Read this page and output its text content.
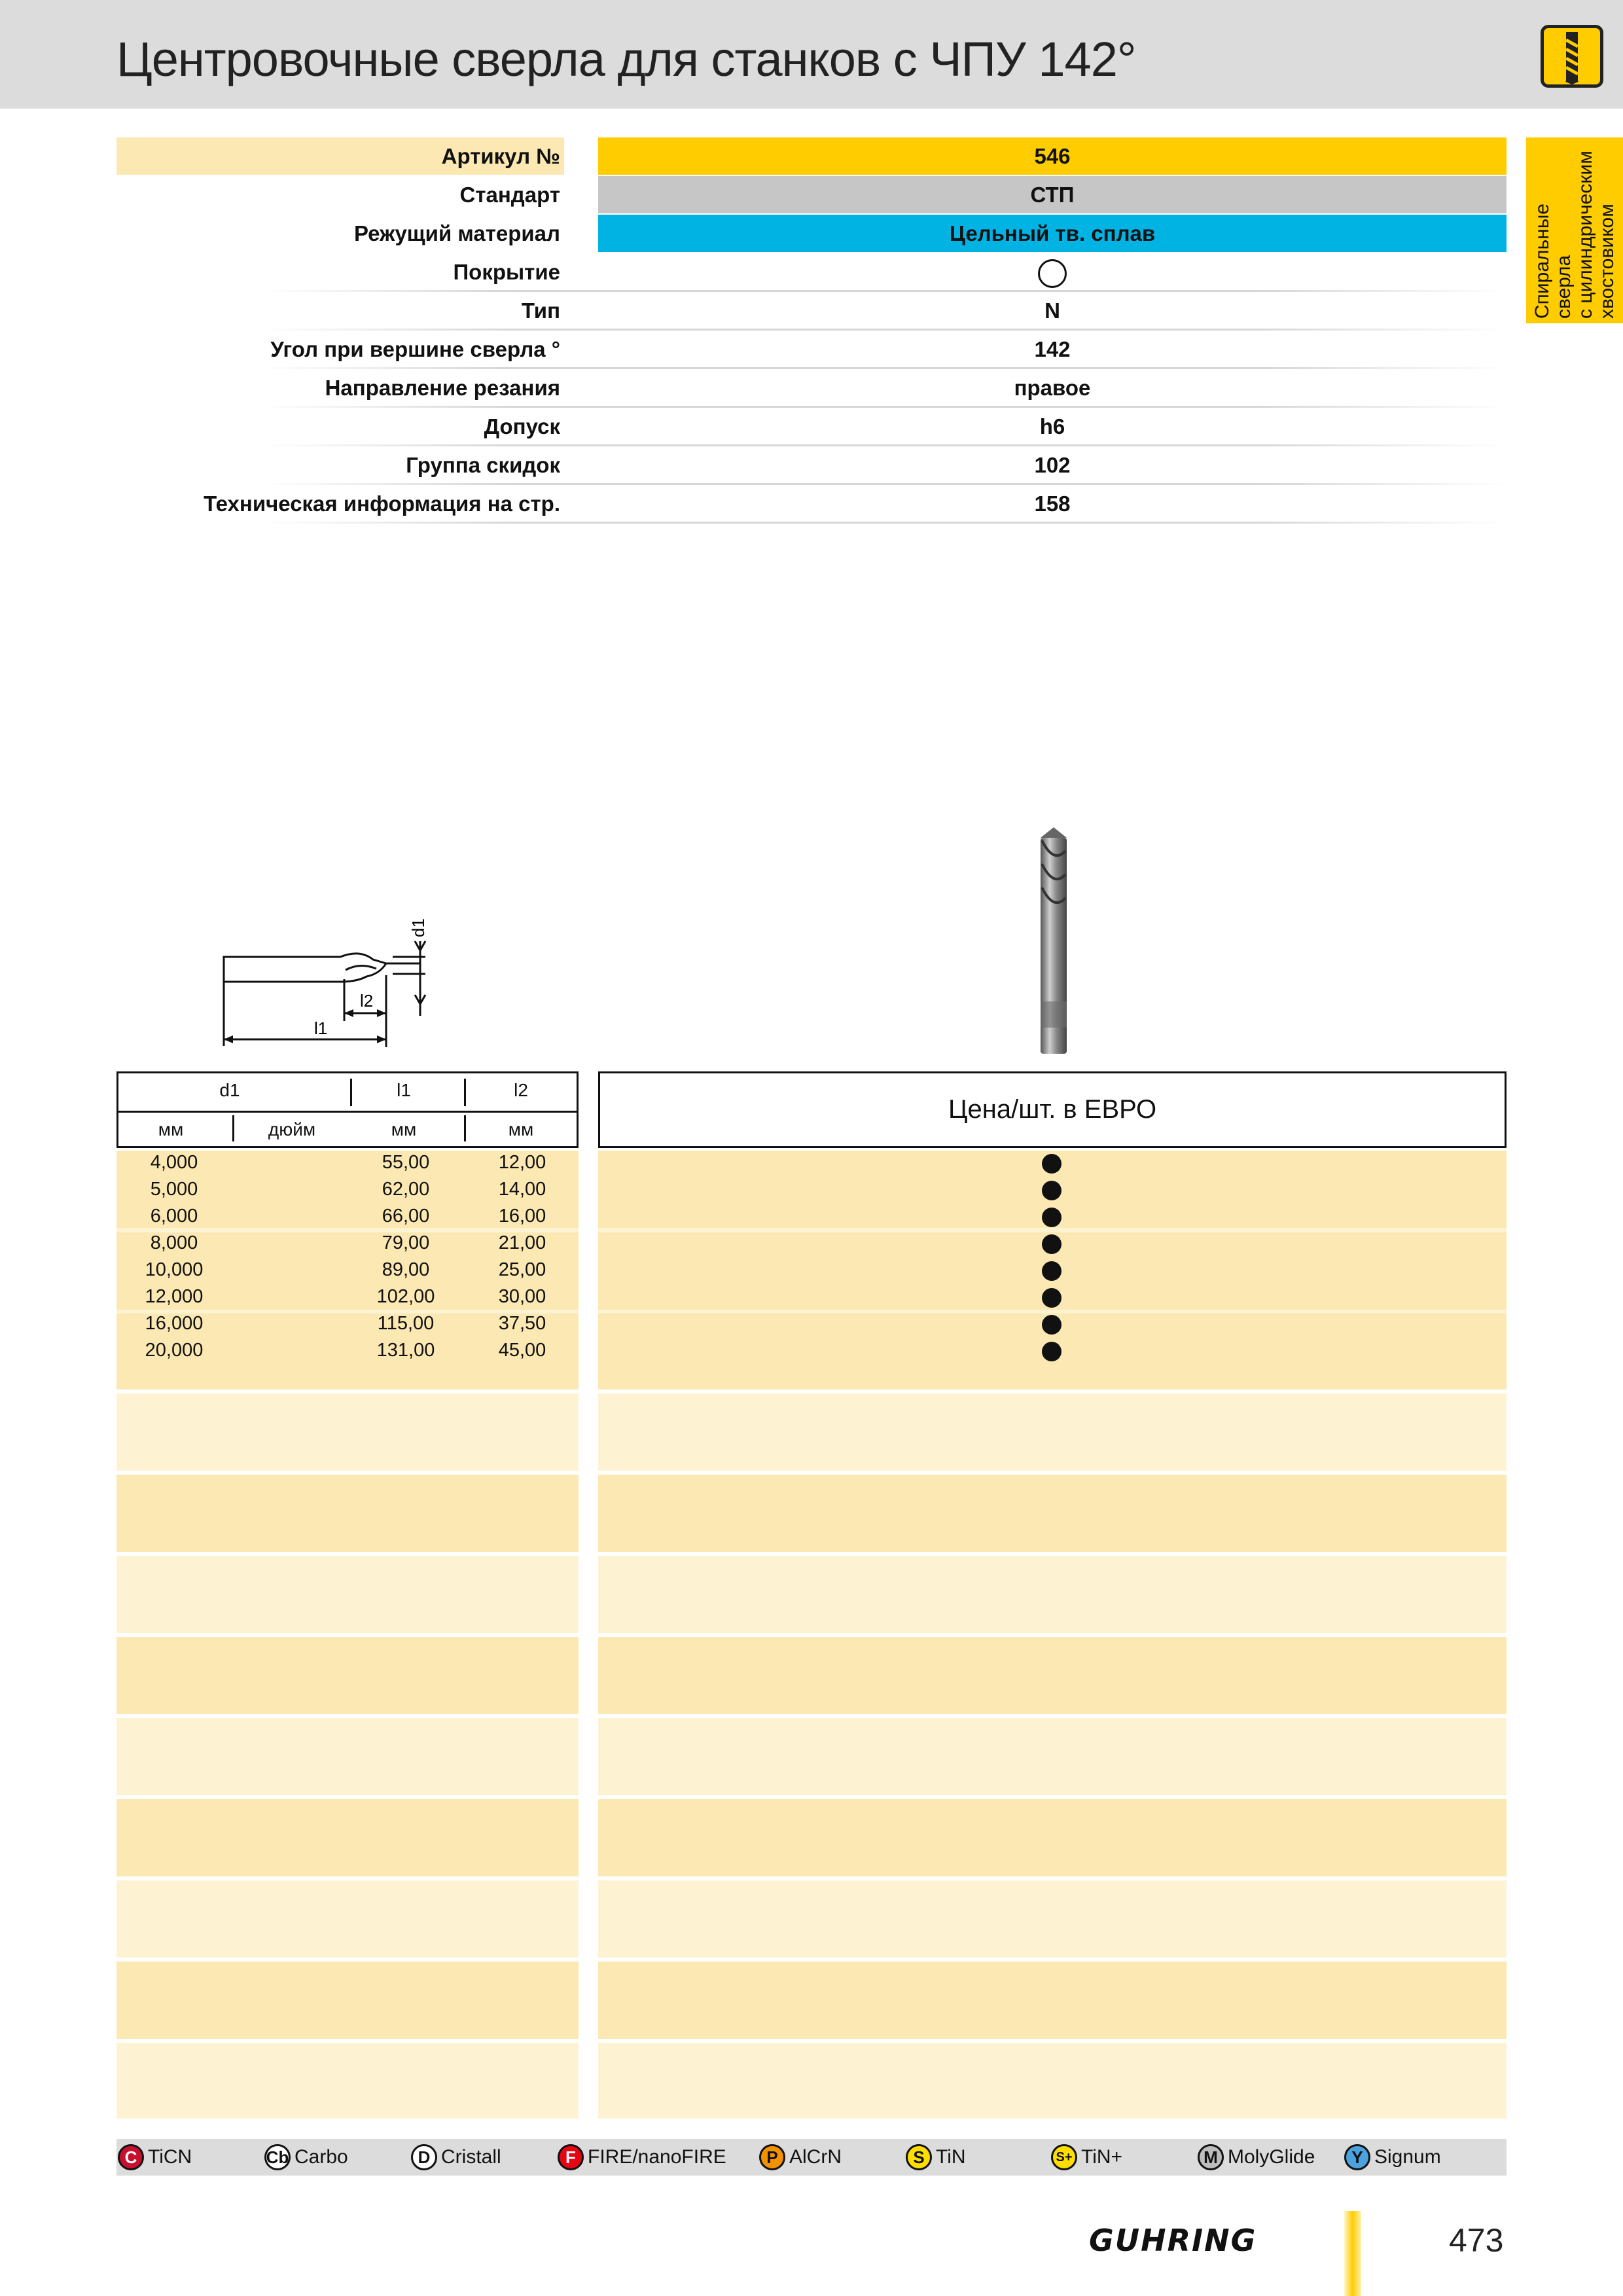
Центровочные сверла для станков с ЧПУ 142°
Спиральные сверла с цилиндрическим хвостовиком
Артикул №	546
Стандарт	СТП
Режущий материал	Цельный тв. сплав
Покрытие
Тип	N
Угол при вершине сверла °	142
Направление резания	правое
Допуск	h6
Группа скидок	102
Техническая информация на стр.	158
d1
l2
l1
d1	l1	l2
мм	дюйм	мм	мм
Цена/шт. в ЕВРО
4,000	55,00	12,00
5,000	62,00	14,00
6,000	66,00	16,00
8,000	79,00	21,00
10,000	89,00	25,00
12,000	102,00	30,00
16,000	115,00	37,50
20,000	131,00	45,00
C TiCN	Cb Carbo	D Cristall	F FIRE/nanoFIRE	P AlCrN	S TiN	S+ TiN+	M MolyGlide	Y Signum
GUHRING	473
